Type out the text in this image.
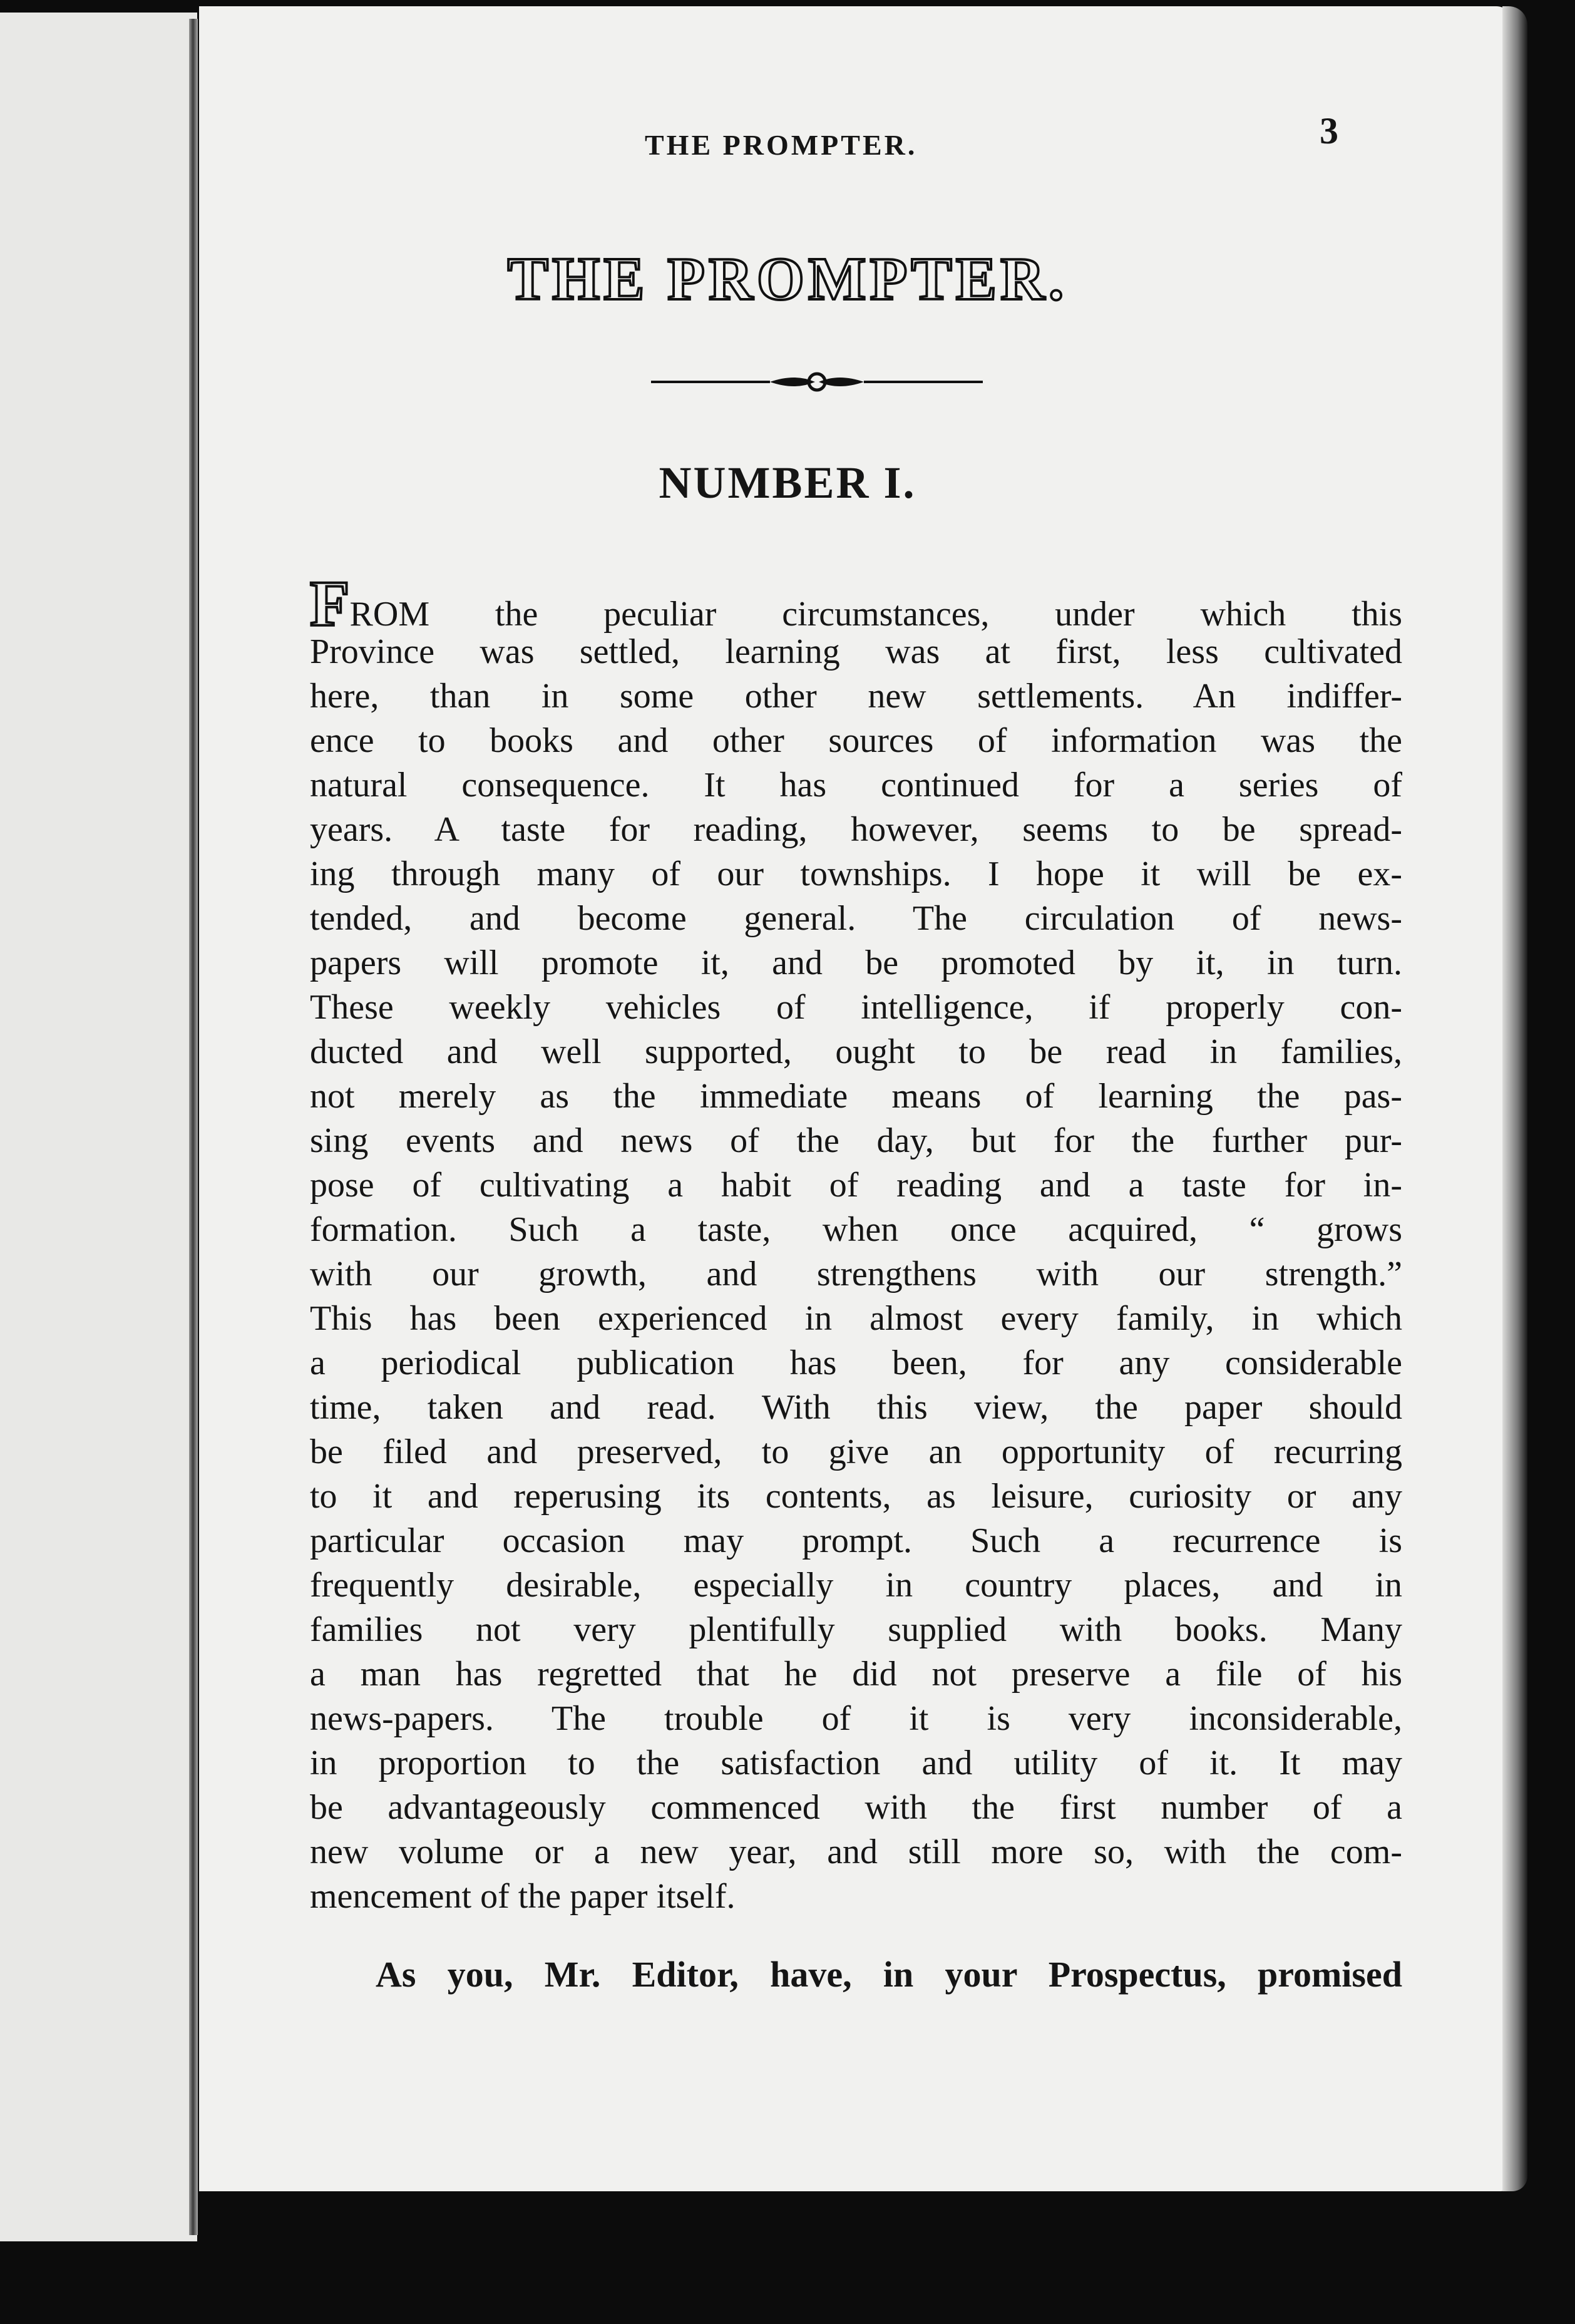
THE PROMPTER.	3
THE PROMPTER.
NUMBER I.
FROM the peculiar circumstances, under which this
Province was settled, learning was at first, less cultivated
here, than in some other new settlements. An indiffer-
ence to books and other sources of information was the
natural consequence. It has continued for a series of
years. A taste for reading, however, seems to be spread-
ing through many of our townships. I hope it will be ex-
tended, and become general. The circulation of news-
papers will promote it, and be promoted by it, in turn.
These weekly vehicles of intelligence, if properly con-
ducted and well supported, ought to be read in families,
not merely as the immediate means of learning the pas-
sing events and news of the day, but for the further pur-
pose of cultivating a habit of reading and a taste for in-
formation. Such a taste, when once acquired, “ grows
with our growth, and strengthens with our strength.”
This has been experienced in almost every family, in which
a periodical publication has been, for any considerable
time, taken and read. With this view, the paper should
be filed and preserved, to give an opportunity of recurring
to it and reperusing its contents, as leisure, curiosity or any
particular occasion may prompt. Such a recurrence is
frequently desirable, especially in country places, and in
families not very plentifully supplied with books. Many
a man has regretted that he did not preserve a file of his
news-papers. The trouble of it is very inconsiderable,
in proportion to the satisfaction and utility of it. It may
be advantageously commenced with the first number of a
new volume or a new year, and still more so, with the com-
mencement of the paper itself.
As you, Mr. Editor, have, in your Prospectus, promised
